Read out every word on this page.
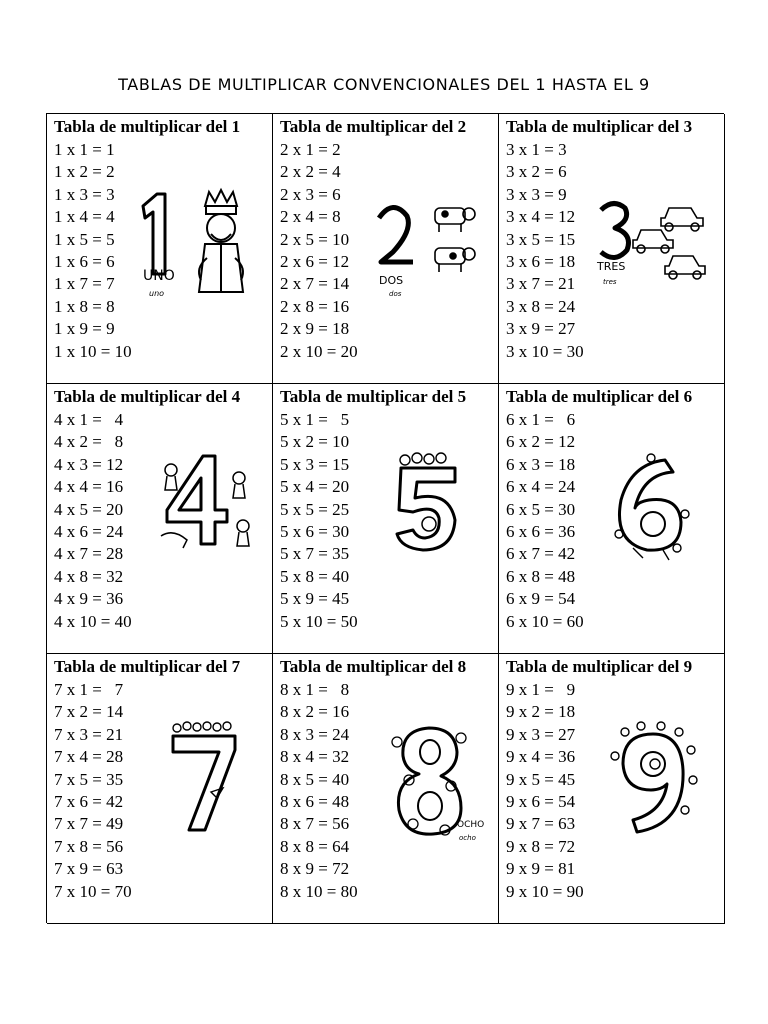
TABLAS DE MULTIPLICAR CONVENCIONALES DEL 1 HASTA EL 9
Tabla de multiplicar del 1
1 x 1 = 1
1 x 2 = 2
1 x 3 = 3
1 x 4 = 4
1 x 5 = 5
1 x 6 = 6
1 x 7 = 7
1 x 8 = 8
1 x 9 = 9
1 x 10 = 10
UNO
uno
Tabla de multiplicar del 2
2 x 1 = 2
2 x 2 = 4
2 x 3 = 6
2 x 4 = 8
2 x 5 = 10
2 x 6 = 12
2 x 7 = 14
2 x 8 = 16
2 x 9 = 18
2 x 10 = 20
DOS
dos
Tabla de multiplicar del 3
3 x 1 = 3
3 x 2 = 6
3 x 3 = 9
3 x 4 = 12
3 x 5 = 15
3 x 6 = 18
3 x 7 = 21
3 x 8 = 24
3 x 9 = 27
3 x 10 = 30
TRES
tres
Tabla de multiplicar del 4
4 x 1 =   4
4 x 2 =   8
4 x 3 = 12
4 x 4 = 16
4 x 5 = 20
4 x 6 = 24
4 x 7 = 28
4 x 8 = 32
4 x 9 = 36
4 x 10 = 40
Tabla de multiplicar del 5
5 x 1 =   5
5 x 2 = 10
5 x 3 = 15
5 x 4 = 20
5 x 5 = 25
5 x 6 = 30
5 x 7 = 35
5 x 8 = 40
5 x 9 = 45
5 x 10 = 50
Tabla de multiplicar del 6
6 x 1 =   6
6 x 2 = 12
6 x 3 = 18
6 x 4 = 24
6 x 5 = 30
6 x 6 = 36
6 x 7 = 42
6 x 8 = 48
6 x 9 = 54
6 x 10 = 60
Tabla de multiplicar del 7
7 x 1 =   7
7 x 2 = 14
7 x 3 = 21
7 x 4 = 28
7 x 5 = 35
7 x 6 = 42
7 x 7 = 49
7 x 8 = 56
7 x 9 = 63
7 x 10 = 70
Tabla de multiplicar del 8
8 x 1 =   8
8 x 2 = 16
8 x 3 = 24
8 x 4 = 32
8 x 5 = 40
8 x 6 = 48
8 x 7 = 56
8 x 8 = 64
8 x 9 = 72
8 x 10 = 80
OCHO
ocho
Tabla de multiplicar del 9
9 x 1 =   9
9 x 2 = 18
9 x 3 = 27
9 x 4 = 36
9 x 5 = 45
9 x 6 = 54
9 x 7 = 63
9 x 8 = 72
9 x 9 = 81
9 x 10 = 90
